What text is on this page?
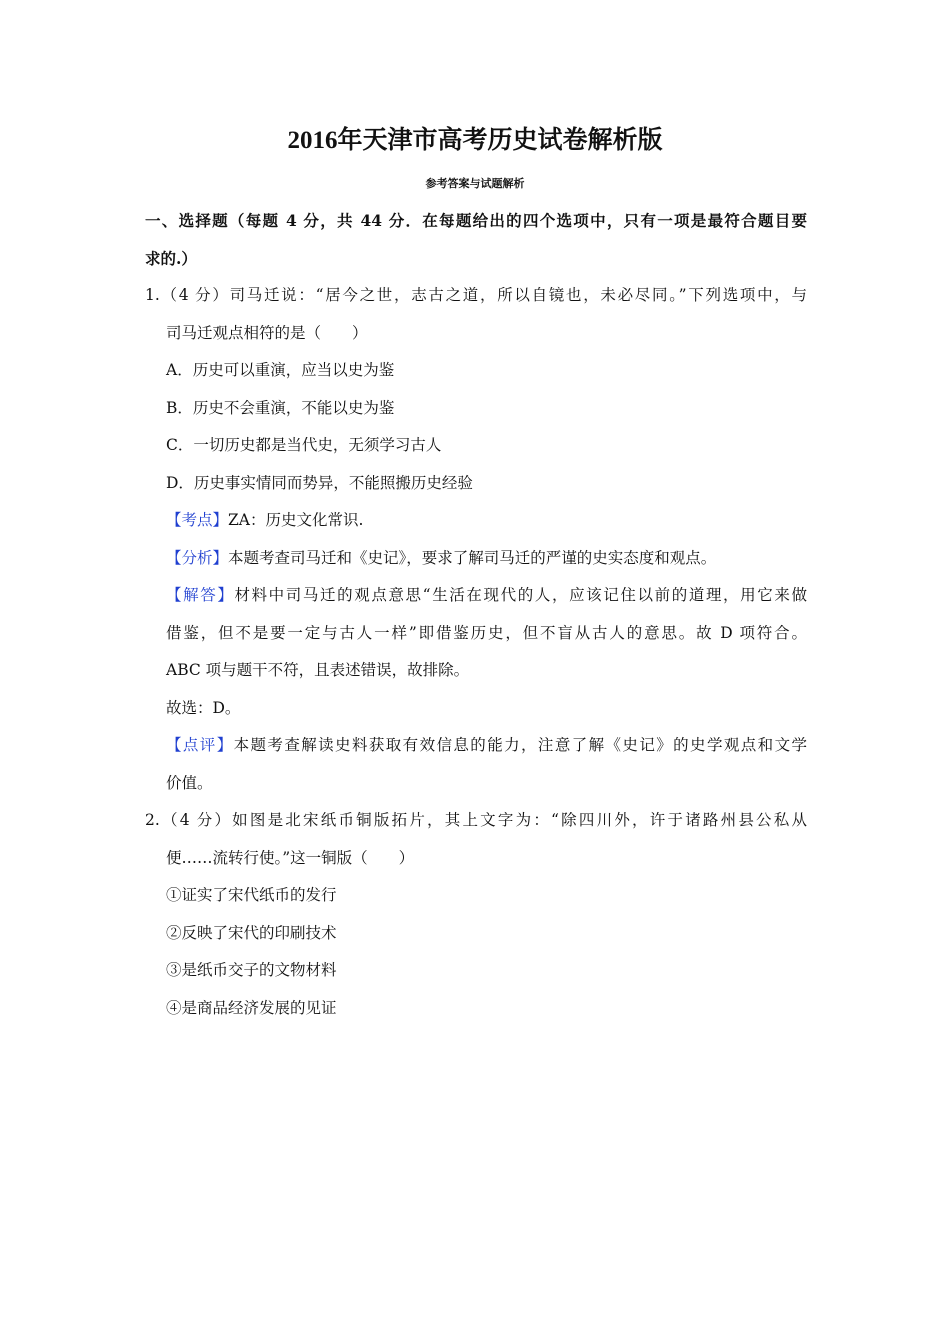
2016年天津市高考历史试卷解析版
参考答案与试题解析
一、选择题（每题 4 分，共 44 分．在每题给出的四个选项中，只有一项是最符合题目要
求的.）
1.（4 分）司马迁说：“居今之世，志古之道，所以自镜也，未必尽同。”下列选项中，与
司马迁观点相符的是（　　）
A．历史可以重演，应当以史为鉴
B．历史不会重演，不能以史为鉴
C．一切历史都是当代史，无须学习古人
D．历史事实情同而势异，不能照搬历史经验
【考点】ZA：历史文化常识.
【分析】本题考查司马迁和《史记》，要求了解司马迁的严谨的史实态度和观点。
【解答】材料中司马迁的观点意思“生活在现代的人，应该记住以前的道理，用它来做
借鉴，但不是要一定与古人一样”即借鉴历史，但不盲从古人的意思。故 D 项符合。
ABC 项与题干不符，且表述错误，故排除。
故选：D。
【点评】本题考查解读史料获取有效信息的能力，注意了解《史记》的史学观点和文学
价值。
2.（4 分）如图是北宋纸币铜版拓片，其上文字为：“除四川外，许于诸路州县公私从
便……流转行使。”这一铜版（　　）
①证实了宋代纸币的发行
②反映了宋代的印刷技术
③是纸币交子的文物材料
④是商品经济发展的见证
